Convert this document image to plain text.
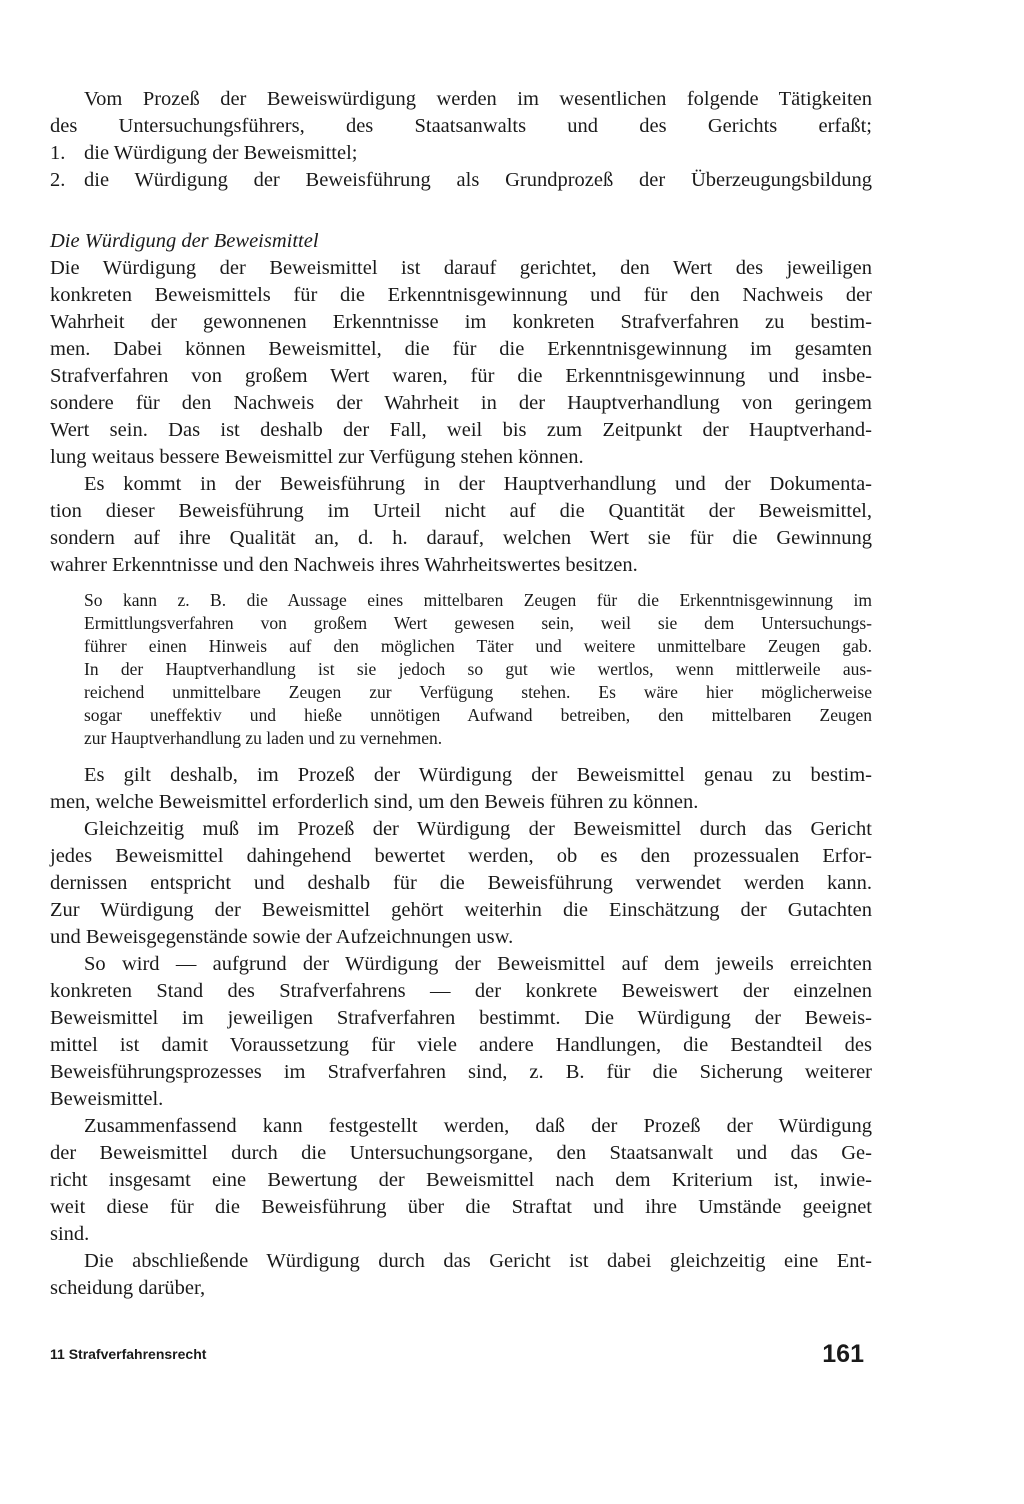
Vom Prozeß der Beweiswürdigung werden im wesentlichen folgende Tätigkeiten
des Untersuchungsführers, des Staatsanwalts und des Gerichts erfaßt;
1. die Würdigung der Beweismittel;
2. die Würdigung der Beweisführung als Grundprozeß der Überzeugungsbildung
Die Würdigung der Beweismittel
Die Würdigung der Beweismittel ist darauf gerichtet, den Wert des jeweiligen
konkreten Beweismittels für die Erkenntnisgewinnung und für den Nachweis der
Wahrheit der gewonnenen Erkenntnisse im konkreten Strafverfahren zu bestim-
men. Dabei können Beweismittel, die für die Erkenntnisgewinnung im gesamten
Strafverfahren von großem Wert waren, für die Erkenntnisgewinnung und insbe-
sondere für den Nachweis der Wahrheit in der Hauptverhandlung von geringem
Wert sein. Das ist deshalb der Fall, weil bis zum Zeitpunkt der Hauptverhand-
lung weitaus bessere Beweismittel zur Verfügung stehen können.
Es kommt in der Beweisführung in der Hauptverhandlung und der Dokumenta-
tion dieser Beweisführung im Urteil nicht auf die Quantität der Beweismittel,
sondern auf ihre Qualität an, d. h. darauf, welchen Wert sie für die Gewinnung
wahrer Erkenntnisse und den Nachweis ihres Wahrheitswertes besitzen.
So kann z. B. die Aussage eines mittelbaren Zeugen für die Erkenntnisgewinnung im
Ermittlungsverfahren von großem Wert gewesen sein, weil sie dem Untersuchungs-
führer einen Hinweis auf den möglichen Täter und weitere unmittelbare Zeugen gab.
In der Hauptverhandlung ist sie jedoch so gut wie wertlos, wenn mittlerweile aus-
reichend unmittelbare Zeugen zur Verfügung stehen. Es wäre hier möglicherweise
sogar uneffektiv und hieße unnötigen Aufwand betreiben, den mittelbaren Zeugen
zur Hauptverhandlung zu laden und zu vernehmen.
Es gilt deshalb, im Prozeß der Würdigung der Beweismittel genau zu bestim-
men, welche Beweismittel erforderlich sind, um den Beweis führen zu können.
Gleichzeitig muß im Prozeß der Würdigung der Beweismittel durch das Gericht
jedes Beweismittel dahingehend bewertet werden, ob es den prozessualen Erfor-
dernissen entspricht und deshalb für die Beweisführung verwendet werden kann.
Zur Würdigung der Beweismittel gehört weiterhin die Einschätzung der Gutachten
und Beweisgegenstände sowie der Aufzeichnungen usw.
So wird — aufgrund der Würdigung der Beweismittel auf dem jeweils erreichten
konkreten Stand des Strafverfahrens — der konkrete Beweiswert der einzelnen
Beweismittel im jeweiligen Strafverfahren bestimmt. Die Würdigung der Beweis-
mittel ist damit Voraussetzung für viele andere Handlungen, die Bestandteil des
Beweisführungsprozesses im Strafverfahren sind, z. B. für die Sicherung weiterer
Beweismittel.
Zusammenfassend kann festgestellt werden, daß der Prozeß der Würdigung
der Beweismittel durch die Untersuchungsorgane, den Staatsanwalt und das Ge-
richt insgesamt eine Bewertung der Beweismittel nach dem Kriterium ist, inwie-
weit diese für die Beweisführung über die Straftat und ihre Umstände geeignet
sind.
Die abschließende Würdigung durch das Gericht ist dabei gleichzeitig eine Ent-
scheidung darüber,
11 Strafverfahrensrecht	161
